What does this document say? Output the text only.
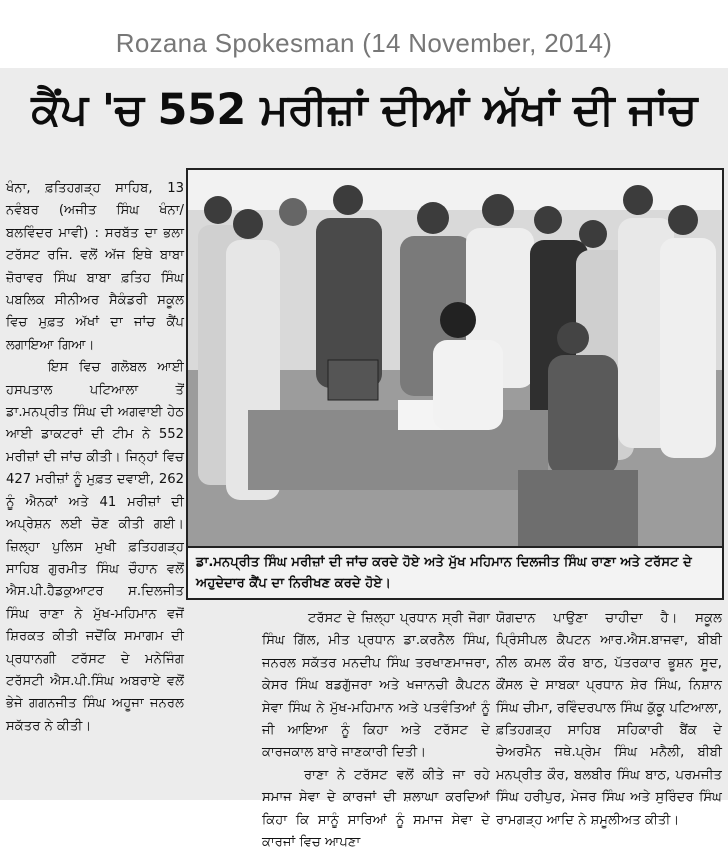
Rozana Spokesman (14 November, 2014)
ਕੈਂਪ 'ਚ 552 ਮਰੀਜ਼ਾਂ ਦੀਆਂ ਅੱਖਾਂ ਦੀ ਜਾਂਚ

ਖੰਨਾ, ਫ਼ਤਿਹਗੜ੍ਹ ਸਾਹਿਬ, 13 ਨਵੰਬਰ (ਅਜੀਤ ਸਿੰਘ ਖੰਨਾ/ ਬਲਵਿੰਦਰ ਮਾਵੀ) : ਸਰਬੱਤ ਦਾ ਭਲਾ ਟਰੱਸਟ ਰਜਿ. ਵਲੋਂ ਅੱਜ ਇਥੇ ਬਾਬਾ ਜ਼ੋਰਾਵਰ ਸਿੰਘ ਬਾਬਾ ਫ਼ਤਿਹ ਸਿੰਘ ਪਬਲਿਕ ਸੀਨੀਅਰ ਸੈਕੰਡਰੀ ਸਕੂਲ ਵਿਚ ਮੁਫ਼ਤ ਅੱਖਾਂ ਦਾ ਜਾਂਚ ਕੈਂਪ ਲਗਾਇਆ ਗਿਆ।

ਇਸ ਵਿਚ ਗਲੋਬਲ ਆਈ ਹਸਪਤਾਲ ਪਟਿਆਲਾ ਤੋਂ ਡਾ.ਮਨਪ੍ਰੀਤ ਸਿੰਘ ਦੀ ਅਗਵਾਈ ਹੇਠ ਆਈ ਡਾਕਟਰਾਂ ਦੀ ਟੀਮ ਨੇ 552 ਮਰੀਜ਼ਾਂ ਦੀ ਜਾਂਚ ਕੀਤੀ। ਜਿਨ੍ਹਾਂ ਵਿਚ 427 ਮਰੀਜ਼ਾਂ ਨੂੰ ਮੁਫ਼ਤ ਦਵਾਈ, 262 ਨੂੰ ਐਨਕਾਂ ਅਤੇ 41 ਮਰੀਜ਼ਾਂ ਦੀ ਅਪ੍ਰੇਸ਼ਨ ਲਈ ਚੋਣ ਕੀਤੀ ਗਈ। ਜ਼ਿਲ੍ਹਾ ਪੁਲਿਸ ਮੁਖੀ ਫ਼ਤਿਹਗੜ੍ਹ ਸਾਹਿਬ ਗੁਰਮੀਤ ਸਿੰਘ ਚੌਹਾਨ ਵਲੋਂ ਐਸ.ਪੀ.ਹੈਡਕੁਆਟਰ ਸ.ਦਿਲਜੀਤ ਸਿੰਘ ਰਾਣਾ ਨੇ ਮੁੱਖ-ਮਹਿਮਾਨ ਵਜੋਂ ਸ਼ਿਰਕਤ ਕੀਤੀ ਜਦੋਂਕਿ ਸਮਾਗਮ ਦੀ ਪ੍ਰਧਾਨਗੀ ਟਰੱਸਟ ਦੇ ਮਨੇਜਿੰਗ ਟਰੱਸਟੀ ਐਸ.ਪੀ.ਸਿੰਘ ਅਬਰਾਏ ਵਲੋਂ ਭੇਜੇ ਗਗਨਜੀਤ ਸਿੰਘ ਅਹੂਜਾ ਜਨਰਲ ਸਕੱਤਰ ਨੇ ਕੀਤੀ।

ਡਾ.ਮਨਪ੍ਰੀਤ ਸਿੰਘ ਮਰੀਜ਼ਾਂ ਦੀ ਜਾਂਚ ਕਰਦੇ ਹੋਏ ਅਤੇ ਮੁੱਖ ਮਹਿਮਾਨ ਦਿਲਜੀਤ ਸਿੰਘ ਰਾਣਾ ਅਤੇ ਟਰੱਸਟ ਦੇ ਅਹੁਦੇਦਾਰ ਕੈਂਪ ਦਾ ਨਿਰੀਖਣ ਕਰਦੇ ਹੋਏ।

ਟਰੱਸਟ ਦੇ ਜ਼ਿਲ੍ਹਾ ਪ੍ਰਧਾਨ ਸ੍ਰੀ ਜੋਗਾ ਸਿੰਘ ਗਿੱਲ, ਮੀਤ ਪ੍ਰਧਾਨ ਡਾ.ਕਰਨੈਲ ਸਿੰਘ, ਜਨਰਲ ਸਕੱਤਰ ਮਨਦੀਪ ਸਿੰਘ ਤਰਖਾਣਮਾਜਰਾ, ਕੇਸਰ ਸਿੰਘ ਬਡਗੁੱਜਰਾ ਅਤੇ ਖਜਾਨਚੀ ਕੈਪਟਨ ਸੇਵਾ ਸਿੰਘ ਨੇ ਮੁੱਖ-ਮਹਿਮਾਨ ਅਤੇ ਪਤਵੰਤਿਆਂ ਨੂੰ ਜੀ ਆਇਆ ਨੂੰ ਕਿਹਾ ਅਤੇ ਟਰੱਸਟ ਦੇ ਕਾਰਜਕਾਲ ਬਾਰੇ ਜਾਣਕਾਰੀ ਦਿਤੀ।

ਰਾਣਾ ਨੇ ਟਰੱਸਟ ਵਲੋਂ ਕੀਤੇ ਜਾ ਰਹੇ ਸਮਾਜ ਸੇਵਾ ਦੇ ਕਾਰਜਾਂ ਦੀ ਸ਼ਲਾਘਾ ਕਰਦਿਆਂ ਕਿਹਾ ਕਿ ਸਾਨੂੰ ਸਾਰਿਆਂ ਨੂੰ ਸਮਾਜ ਸੇਵਾ ਦੇ ਕਾਰਜਾਂ ਵਿਚ ਆਪਣਾ

ਯੋਗਦਾਨ ਪਾਉਣਾ ਚਾਹੀਦਾ ਹੈ। ਸਕੂਲ ਪ੍ਰਿੰਸੀਪਲ ਕੈਪਟਨ ਆਰ.ਐਸ.ਬਾਜਵਾ, ਬੀਬੀ ਨੀਲ ਕਮਲ ਕੌਰ ਬਾਠ, ਪੱਤਰਕਾਰ ਭੂਸ਼ਨ ਸੂਦ, ਕੌਂਸਲ ਦੇ ਸਾਬਕਾ ਪ੍ਰਧਾਨ ਸ਼ੇਰ ਸਿੰਘ, ਨਿਸ਼ਾਨ ਸਿੰਘ ਚੀਮਾ, ਰਵਿੰਦਰਪਾਲ ਸਿੰਘ ਕੁੱਕੂ ਪਟਿਆਲਾ, ਫ਼ਤਿਹਗੜ੍ਹ ਸਾਹਿਬ ਸਹਿਕਾਰੀ ਬੈਂਕ ਦੇ ਚੇਅਰਮੈਨ ਜਥੇ.ਪ੍ਰੇਮ ਸਿੰਘ ਮਨੈਲੀ, ਬੀਬੀ ਮਨਪ੍ਰੀਤ ਕੌਰ, ਬਲਬੀਰ ਸਿੰਘ ਬਾਠ, ਪਰਮਜੀਤ ਸਿੰਘ ਹਰੀਪੁਰ, ਮੇਜਰ ਸਿੰਘ ਅਤੇ ਸੁਰਿੰਦਰ ਸਿੰਘ ਰਾਮਗੜ੍ਹ ਆਦਿ ਨੇ ਸ਼ਮੂਲੀਅਤ ਕੀਤੀ।
